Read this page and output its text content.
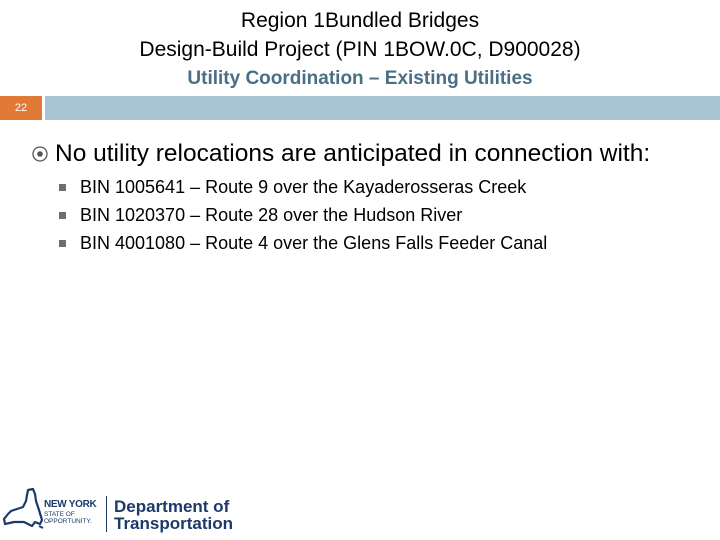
Region 1Bundled Bridges
Design-Build Project (PIN 1BOW.0C, D900028)
Utility Coordination – Existing Utilities
22
No utility relocations are anticipated in connection with:
BIN 1005641 – Route 9 over the Kayaderosseras Creek
BIN 1020370 – Route 28 over the Hudson River
BIN 4001080 – Route 4 over the Glens Falls Feeder Canal
NEW YORK
STATE OF
OPPORTUNITY.
Department of
Transportation
